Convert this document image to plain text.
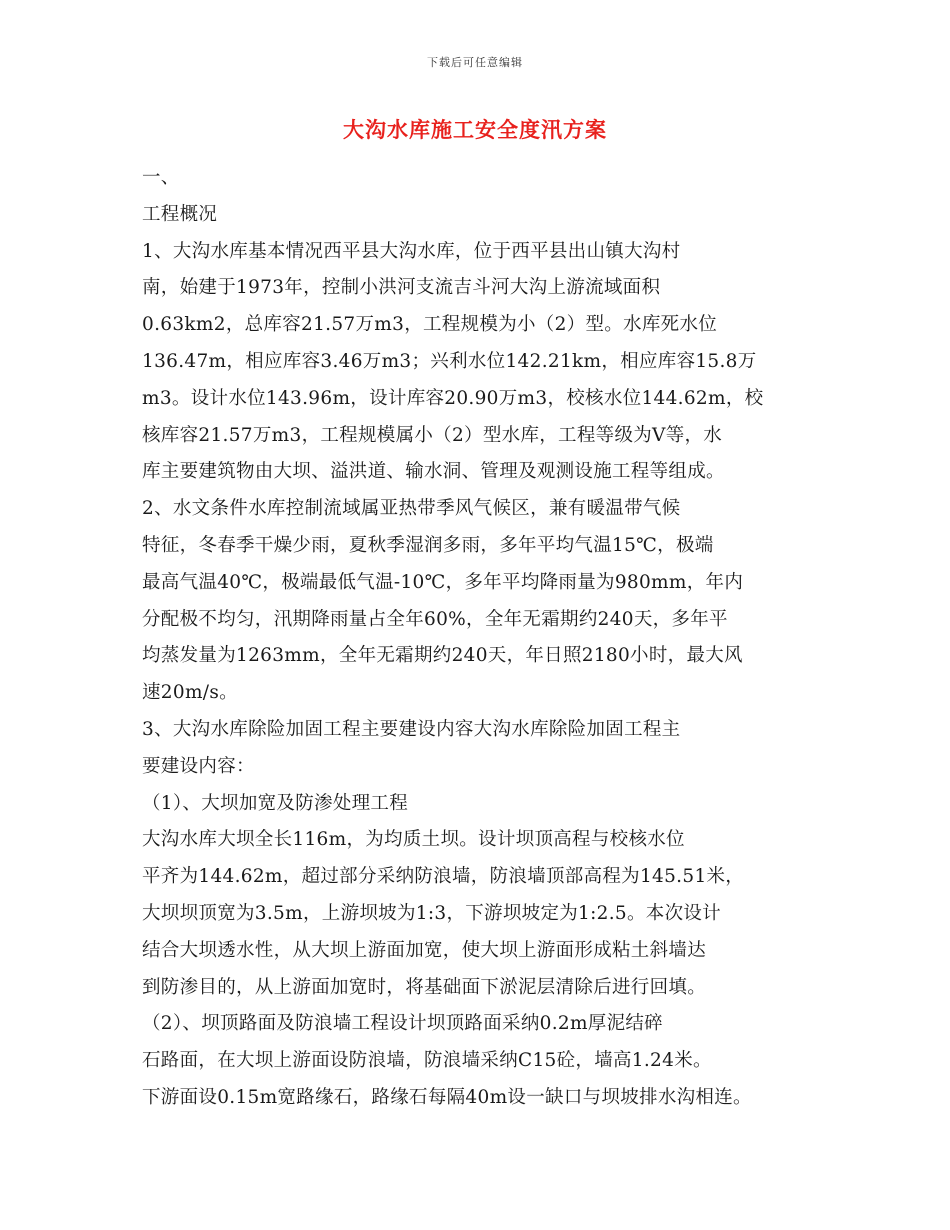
下载后可任意编辑
大沟水库施工安全度汛方案

一、

工程概况

1、大沟水库基本情况西平县大沟水库，位于西平县出山镇大沟村

南，始建于1973年，控制小洪河支流吉斗河大沟上游流域面积

0.63km2，总库容21.57万m3，工程规模为小（2）型。水库死水位

136.47m，相应库容3.46万m3；兴利水位142.21km，相应库容15.8万

m3。设计水位143.96m，设计库容20.90万m3，校核水位144.62m，校

核库容21.57万m3，工程规模属小（2）型水库，工程等级为Ⅴ等，水

库主要建筑物由大坝、溢洪道、输水洞、管理及观测设施工程等组成。

2、水文条件水库控制流域属亚热带季风气候区，兼有暖温带气候

特征，冬春季干燥少雨，夏秋季湿润多雨，多年平均气温15℃，极端

最高气温40℃，极端最低气温-10℃，多年平均降雨量为980mm，年内

分配极不均匀，汛期降雨量占全年60%，全年无霜期约240天，多年平

均蒸发量为1263mm，全年无霜期约240天，年日照2180小时，最大风

速20m/s。

3、大沟水库除险加固工程主要建设内容大沟水库除险加固工程主

要建设内容：

（1）、大坝加宽及防渗处理工程

大沟水库大坝全长116m，为均质土坝。设计坝顶高程与校核水位

平齐为144.62m，超过部分采纳防浪墙，防浪墙顶部高程为145.51米，

大坝坝顶宽为3.5m，上游坝坡为1:3，下游坝坡定为1:2.5。本次设计

结合大坝透水性，从大坝上游面加宽，使大坝上游面形成粘土斜墙达

到防渗目的，从上游面加宽时，将基础面下淤泥层清除后进行回填。

（2）、坝顶路面及防浪墙工程设计坝顶路面采纳0.2m厚泥结碎

石路面，在大坝上游面设防浪墙，防浪墙采纳C15砼，墙高1.24米。

下游面设0.15m宽路缘石，路缘石每隔40m设一缺口与坝坡排水沟相连。
